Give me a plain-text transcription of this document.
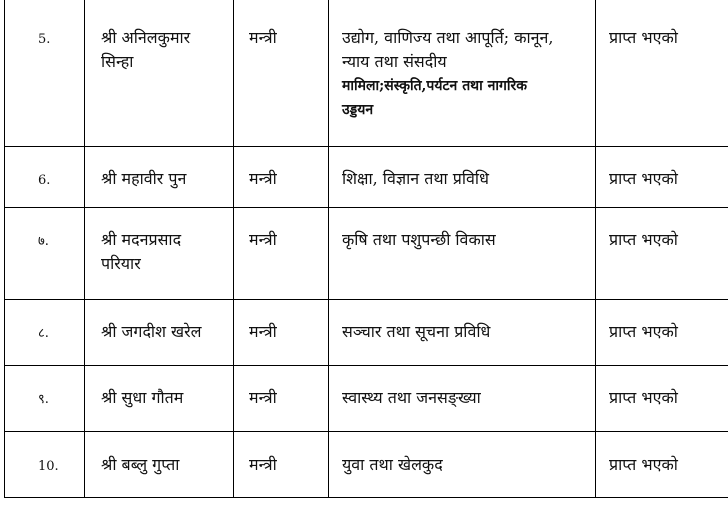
5.	श्री अनिलकुमार
सिन्हा	मन्त्री	उद्योग, वाणिज्य तथा आपूर्ति; कानून,
न्याय तथा संसदीय
मामिला;संस्कृति,पर्यटन तथा नागरिक
उड्डयन	प्राप्त भएको
6.	श्री महावीर पुन	मन्त्री	शिक्षा, विज्ञान तथा प्रविधि	प्राप्त भएको
७.	श्री मदनप्रसाद
परियार	मन्त्री	कृषि तथा पशुपन्छी विकास	प्राप्त भएको
८.	श्री जगदीश खरेल	मन्त्री	सञ्चार तथा सूचना प्रविधि	प्राप्त भएको
९.	श्री सुधा गौतम	मन्त्री	स्वास्थ्य तथा जनसङ्ख्या	प्राप्त भएको
10.	श्री बब्लु गुप्ता	मन्त्री	युवा तथा खेलकुद	प्राप्त भएको
